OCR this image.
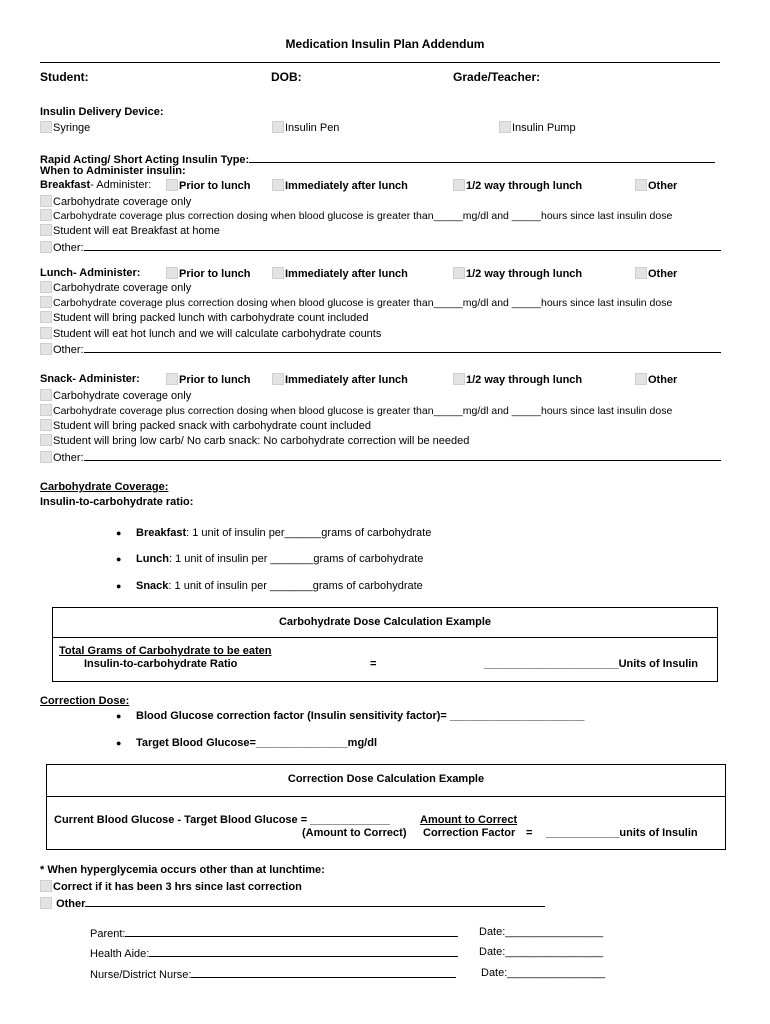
Medication Insulin Plan Addendum
Student:	DOB:	Grade/Teacher:
Insulin Delivery Device:
Syringe	Insulin Pen	Insulin Pump
Rapid Acting/ Short Acting Insulin Type:
When to Administer insulin:
Breakfast- Administer:	Prior to lunch	Immediately after lunch	1/2 way through lunch	Other
Carbohydrate coverage only
Carbohydrate coverage plus correction dosing when blood glucose is greater than_____mg/dl and _____hours since last insulin dose
Student will eat Breakfast at home
Other:
Lunch- Administer:	Prior to lunch	Immediately after lunch	1/2 way through lunch	Other
Carbohydrate coverage only
Carbohydrate coverage plus correction dosing when blood glucose is greater than_____mg/dl and _____hours since last insulin dose
Student will bring packed lunch with carbohydrate count included
Student will eat hot lunch and we will calculate carbohydrate counts
Other:
Snack- Administer:	Prior to lunch	Immediately after lunch	1/2 way through lunch	Other
Carbohydrate coverage only
Carbohydrate coverage plus correction dosing when blood glucose is greater than_____mg/dl and _____hours since last insulin dose
Student will bring packed snack with carbohydrate count included
Student will bring low carb/ No carb snack: No carbohydrate correction will be needed
Other:
Carbohydrate Coverage:
Insulin-to-carbohydrate ratio:
● Breakfast: 1 unit of insulin per______grams of carbohydrate
● Lunch: 1 unit of insulin per _______grams of carbohydrate
● Snack: 1 unit of insulin per _______grams of carbohydrate
Carbohydrate Dose Calculation Example
Total Grams of Carbohydrate to be eaten
Insulin-to-carbohydrate Ratio	=	______________________Units of Insulin
Correction Dose:
● Blood Glucose correction factor (Insulin sensitivity factor)= ______________________
● Target Blood Glucose=_______________mg/dl
Correction Dose Calculation Example
Current Blood Glucose - Target Blood Glucose = _____________
(Amount to Correct)
Amount to Correct
Correction Factor = ____________units of Insulin
* When hyperglycemia occurs other than at lunchtime:
Correct if it has been 3 hrs since last correction
Other
Parent:	Date:________________
Health Aide:	Date:________________
Nurse/District Nurse:	Date:________________
